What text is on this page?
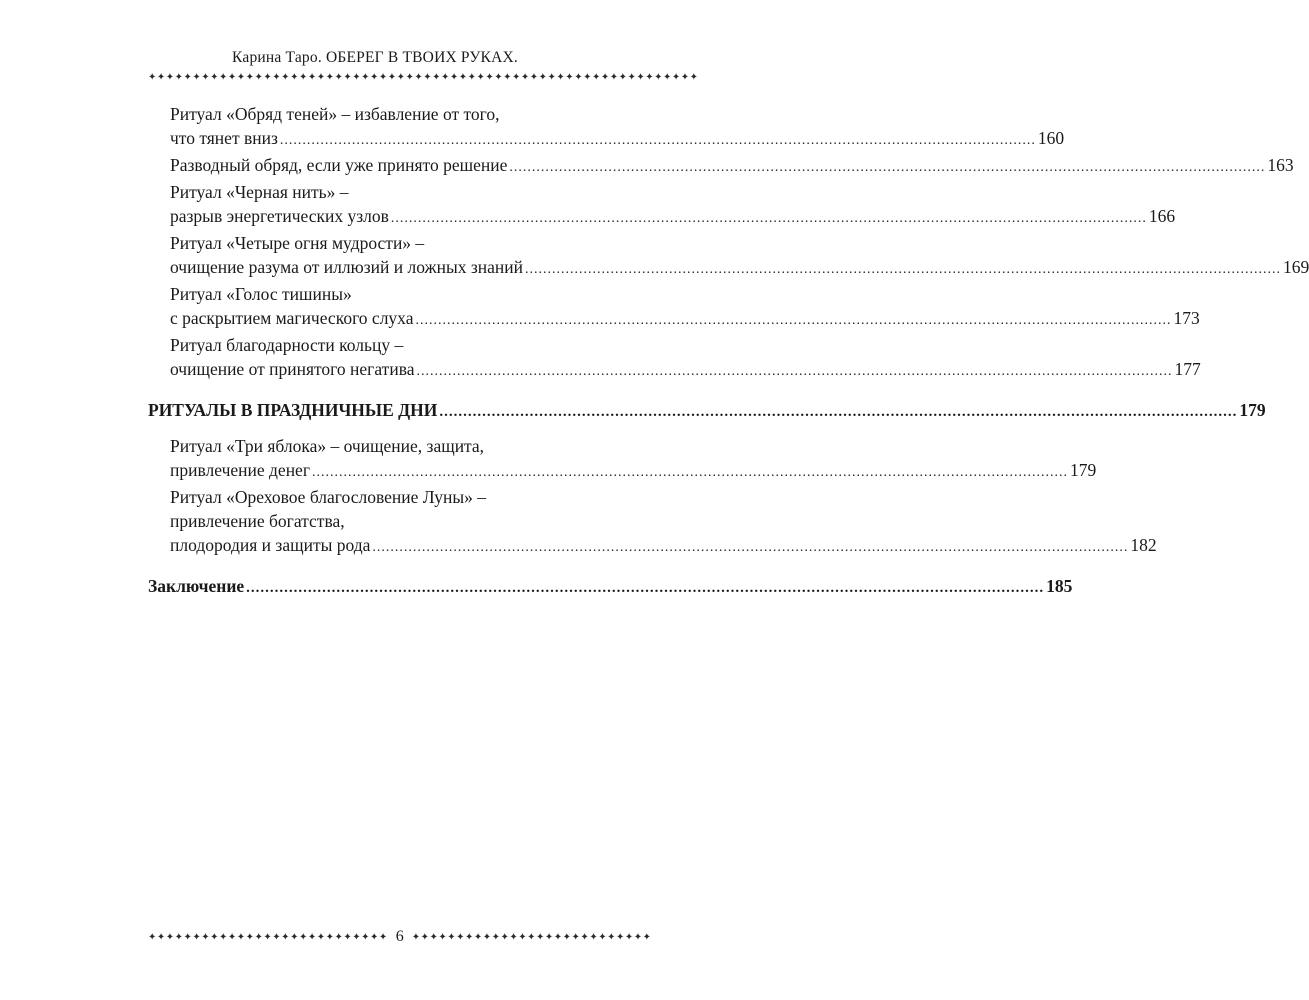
Карина Таро. ОБЕРЕГ В ТВОИХ РУКАХ.
✦✦✦✦✦✦✦✦✦✦✦✦✦✦✦✦✦✦✦✦✦✦✦✦✦✦✦✦✦✦✦✦✦✦✦✦✦✦✦✦✦✦✦✦✦✦✦✦✦✦✦✦✦✦✦✦✦✦✦✦✦✦
Ритуал «Обряд теней» – избавление от того,
что тянет вниз .....	160
Разводный обряд, если уже принято решение .....	163
Ритуал «Черная нить» –
разрыв энергетических узлов .....	166
Ритуал «Четыре огня мудрости» –
очищение разума от иллюзий и ложных знаний .....	169
Ритуал «Голос тишины»
с раскрытием магического слуха .....	173
Ритуал благодарности кольцу –
очищение от принятого негатива .....	177
РИТУАЛЫ В ПРАЗДНИЧНЫЕ ДНИ .....	179
Ритуал «Три яблока» – очищение, защита,
привлечение денег .....	179
Ритуал «Ореховое благословение Луны» –
привлечение богатства,
плодородия и защиты рода .....	182
Заключение .....	185
✦✦✦✦✦✦✦✦✦✦✦✦✦✦✦✦✦✦✦✦✦✦✦✦✦✦✦ 6 ✦✦✦✦✦✦✦✦✦✦✦✦✦✦✦✦✦✦✦✦✦✦✦✦✦✦✦
